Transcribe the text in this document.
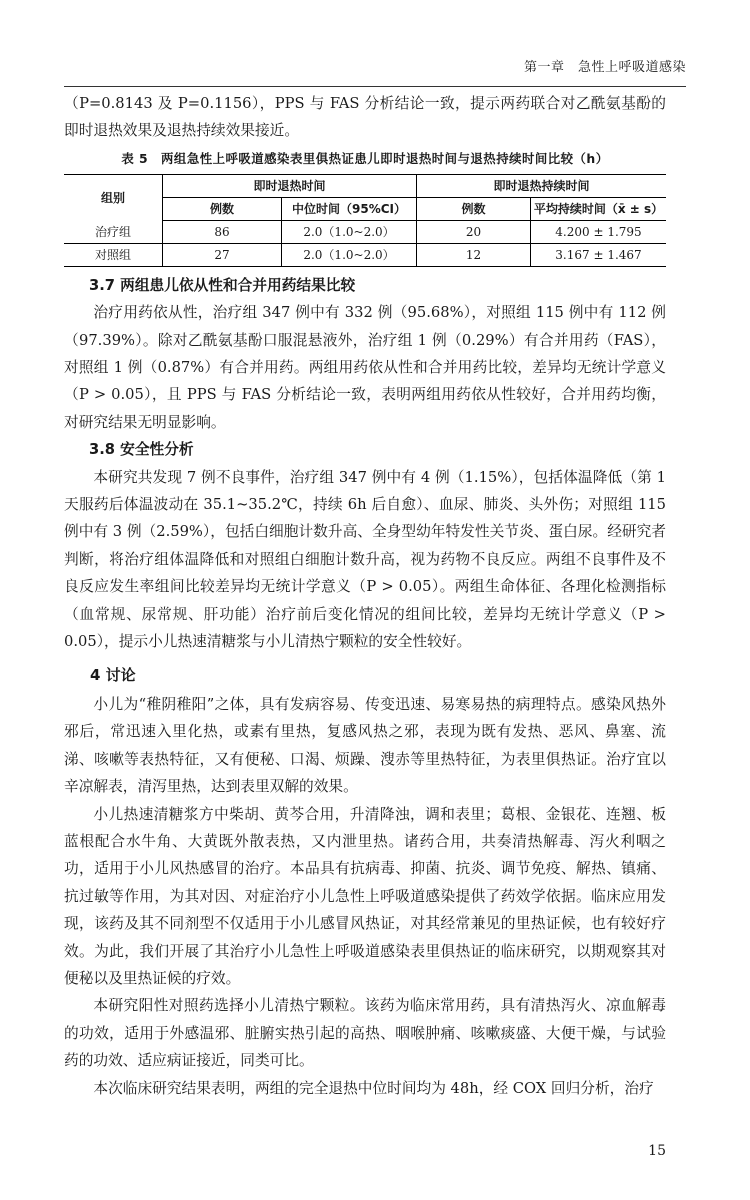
第一章　急性上呼吸道感染

（P=0.8143 及 P=0.1156），PPS 与 FAS 分析结论一致，提示两药联合对乙酰氨基酚的即时退热效果及退热持续效果接近。

表 5　两组急性上呼吸道感染表里俱热证患儿即时退热时间与退热持续时间比较（h）
组别	即时退热时间		即时退热持续时间	
	例数	中位时间（95%CI）	例数	平均持续时间（x̄ ± s）
治疗组	86	2.0（1.0~2.0）	20	4.200 ± 1.795
对照组	27	2.0（1.0~2.0）	12	3.167 ± 1.467
3.7 两组患儿依从性和合并用药结果比较

治疗用药依从性，治疗组 347 例中有 332 例（95.68%），对照组 115 例中有 112 例（97.39%）。除对乙酰氨基酚口服混悬液外，治疗组 1 例（0.29%）有合并用药（FAS），对照组 1 例（0.87%）有合并用药。两组用药依从性和合并用药比较，差异均无统计学意义（P > 0.05），且 PPS 与 FAS 分析结论一致，表明两组用药依从性较好，合并用药均衡，对研究结果无明显影响。

3.8 安全性分析

本研究共发现 7 例不良事件，治疗组 347 例中有 4 例（1.15%），包括体温降低（第 1 天服药后体温波动在 35.1~35.2℃，持续 6h 后自愈）、血尿、肺炎、头外伤；对照组 115 例中有 3 例（2.59%），包括白细胞计数升高、全身型幼年特发性关节炎、蛋白尿。经研究者判断，将治疗组体温降低和对照组白细胞计数升高，视为药物不良反应。两组不良事件及不良反应发生率组间比较差异均无统计学意义（P > 0.05）。两组生命体征、各理化检测指标（血常规、尿常规、肝功能）治疗前后变化情况的组间比较，差异均无统计学意义（P > 0.05），提示小儿热速清糖浆与小儿清热宁颗粒的安全性较好。

4 讨论

小儿为“稚阴稚阳”之体，具有发病容易、传变迅速、易寒易热的病理特点。感染风热外邪后，常迅速入里化热，或素有里热，复感风热之邪，表现为既有发热、恶风、鼻塞、流涕、咳嗽等表热特征，又有便秘、口渴、烦躁、溲赤等里热特征，为表里俱热证。治疗宜以辛凉解表，清泻里热，达到表里双解的效果。

小儿热速清糖浆方中柴胡、黄芩合用，升清降浊，调和表里；葛根、金银花、连翘、板蓝根配合水牛角、大黄既外散表热，又内泄里热。诸药合用，共奏清热解毒、泻火利咽之功，适用于小儿风热感冒的治疗。本品具有抗病毒、抑菌、抗炎、调节免疫、解热、镇痛、抗过敏等作用，为其对因、对症治疗小儿急性上呼吸道感染提供了药效学依据。临床应用发现，该药及其不同剂型不仅适用于小儿感冒风热证，对其经常兼见的里热证候，也有较好疗效。为此，我们开展了其治疗小儿急性上呼吸道感染表里俱热证的临床研究，以期观察其对便秘以及里热证候的疗效。

本研究阳性对照药选择小儿清热宁颗粒。该药为临床常用药，具有清热泻火、凉血解毒的功效，适用于外感温邪、脏腑实热引起的高热、咽喉肿痛、咳嗽痰盛、大便干燥，与试验药的功效、适应病证接近，同类可比。

本次临床研究结果表明，两组的完全退热中位时间均为 48h，经 COX 回归分析，治疗

15
